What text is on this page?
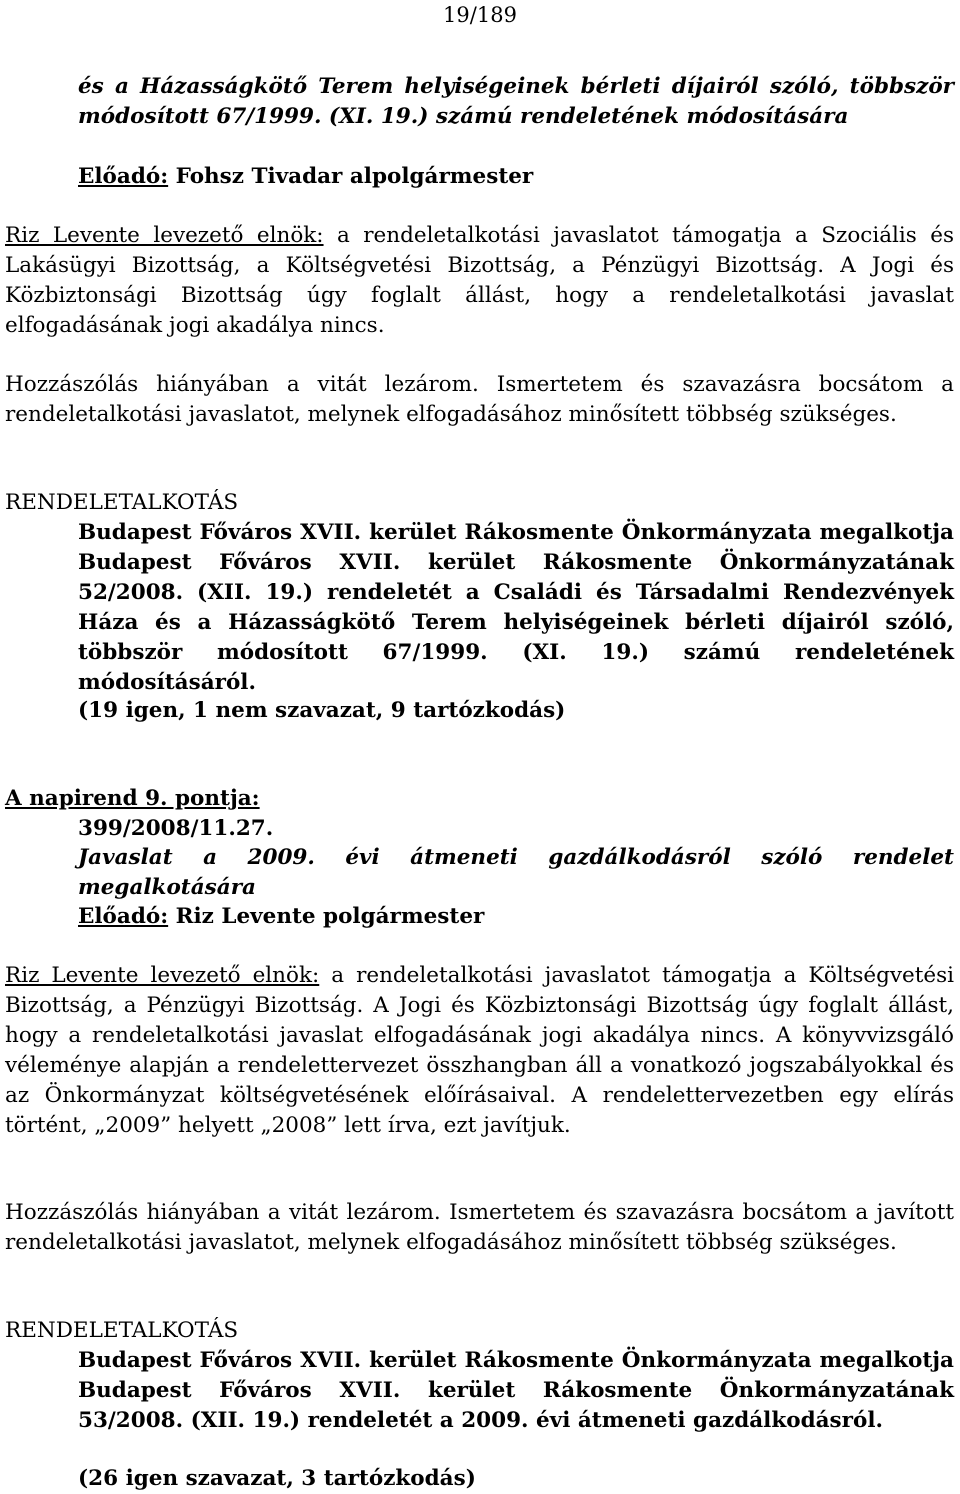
19/189

és a Házasságkötő Terem helyiségeinek bérleti díjairól szóló, többször módosított 67/1999. (XI. 19.) számú rendeletének módosítására

Előadó: Fohsz Tivadar alpolgármester

Riz Levente levezető elnök: a rendeletalkotási javaslatot támogatja a Szociális és Lakásügyi Bizottság, a Költségvetési Bizottság, a Pénzügyi Bizottság. A Jogi és Közbiztonsági Bizottság úgy foglalt állást, hogy a rendeletalkotási javaslat elfogadásának jogi akadálya nincs.

Hozzászólás hiányában a vitát lezárom. Ismertetem és szavazásra bocsátom a rendeletalkotási javaslatot, melynek elfogadásához minősített többség szükséges.

RENDELETALKOTÁS

Budapest Főváros XVII. kerület Rákosmente Önkormányzata megalkotja Budapest Főváros XVII. kerület Rákosmente Önkormányzatának 52/2008. (XII. 19.) rendeletét a Családi és Társadalmi Rendezvények Háza és a Házasságkötő Terem helyiségeinek bérleti díjairól szóló, többször módosított 67/1999. (XI. 19.) számú rendeletének módosításáról.

(19 igen, 1 nem szavazat, 9 tartózkodás)

A napirend 9. pontja:

399/2008/11.27.

Javaslat a 2009. évi átmeneti gazdálkodásról szóló rendelet megalkotására

Előadó: Riz Levente polgármester

Riz Levente levezető elnök: a rendeletalkotási javaslatot támogatja a Költségvetési Bizottság, a Pénzügyi Bizottság. A Jogi és Közbiztonsági Bizottság úgy foglalt állást, hogy a rendeletalkotási javaslat elfogadásának jogi akadálya nincs. A könyvvizsgáló véleménye alapján a rendelettervezet összhangban áll a vonatkozó jogszabályokkal és az Önkormányzat költségvetésének előírásaival. A rendelettervezetben egy elírás történt, „2009” helyett „2008” lett írva, ezt javítjuk.

Hozzászólás hiányában a vitát lezárom. Ismertetem és szavazásra bocsátom a javított rendeletalkotási javaslatot, melynek elfogadásához minősített többség szükséges.

RENDELETALKOTÁS

Budapest Főváros XVII. kerület Rákosmente Önkormányzata megalkotja Budapest Főváros XVII. kerület Rákosmente Önkormányzatának 53/2008. (XII. 19.) rendeletét a 2009. évi átmeneti gazdálkodásról.

(26 igen szavazat, 3 tartózkodás)
